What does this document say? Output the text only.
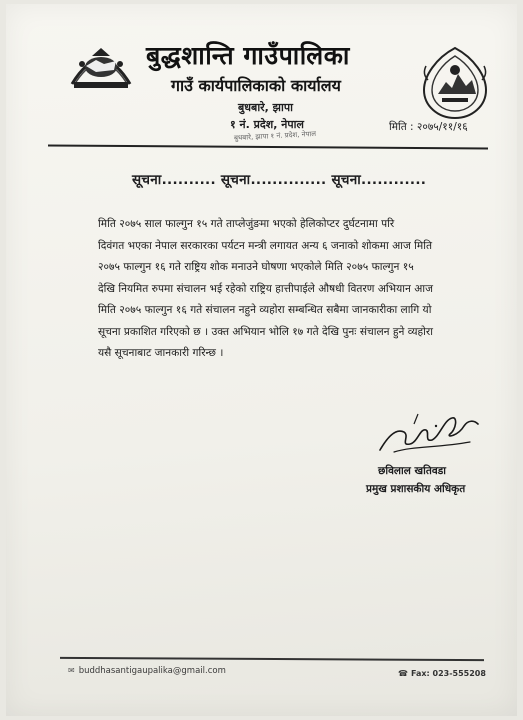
बुद्धशान्ति गाउँपालिका
गाउँ कार्यपालिकाको कार्यालय
बुधबारे, झापा
१ नं. प्रदेश, नेपाल
बुधबारे, झापा १ नं. प्रदेश, नेपाल
मिति : २०७५/११/१६
सूचना.......... सूचना.............. सूचना............
मिति २०७५ साल फाल्गुन १५ गते ताप्लेजुंङमा भएको हेलिकोप्टर दुर्घटनामा परि
दिवंगत भएका नेपाल सरकारका पर्यटन मन्त्री लगायत अन्य ६ जनाको शोकमा आज मिति
२०७५ फाल्गुन १६ गते राष्ट्रिय शोक मनाउने घोषणा भएकोले मिति २०७५ फाल्गुन १५
देखि नियमित रुपमा संचालन भई रहेको राष्ट्रिय हात्तीपाईले औषधी वितरण अभियान आज
मिति २०७५ फाल्गुन १६ गते संचालन नहुने व्यहोरा सम्बन्धित सबैमा जानकारीका लागि यो
सूचना प्रकाशित गरिएको छ । उक्त अभियान भोलि १७ गते देखि पुनः संचालन हुने व्यहोरा
यसै सूचनाबाट जानकारी गरिन्छ ।
छविलाल खतिवडा
प्रमुख प्रशासकीय अधिकृत
✉ buddhasantigaupalika@gmail.com	☎ Fax: 023-555208
